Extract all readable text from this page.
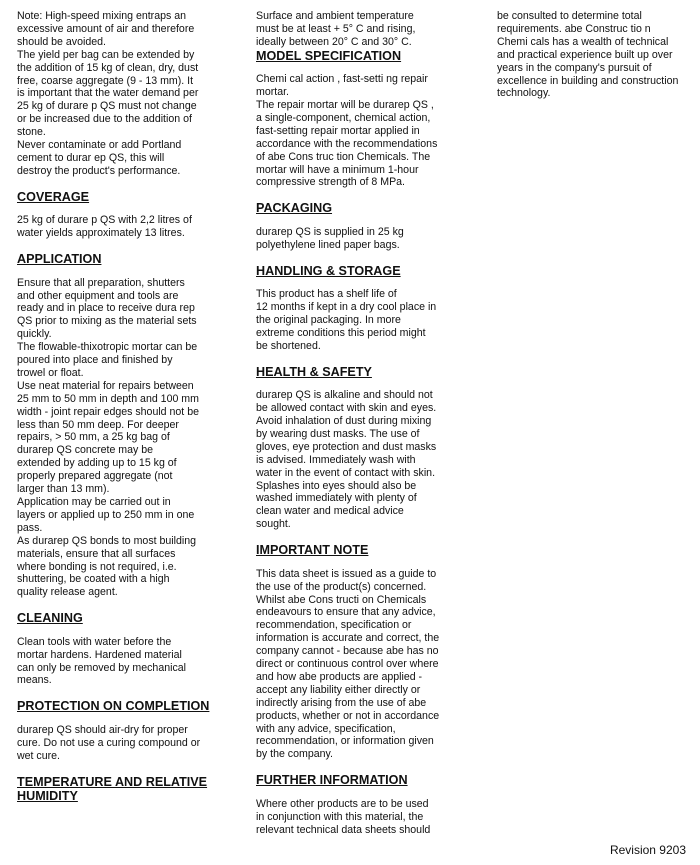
Note: High-speed mixing entraps an
excessive amount of air and therefore
should be avoided.
The yield per bag can be extended by
the addition of 15 kg of clean, dry, dust
free, coarse aggregate (9 - 13 mm). It
is important that the water demand per
25 kg of durare p QS must not change
or be increased due to the addition of
stone.
Never contaminate or add Portland
cement to durar ep QS, this will
destroy the product's performance.

COVERAGE

25 kg of durare p QS with 2,2 litres of
water yields approximately 13 litres.

APPLICATION

Ensure that all preparation, shutters
and other equipment and tools are
ready and in place to receive dura rep
QS prior to mixing as the material sets
quickly.
The flowable-thixotropic mortar can be
poured into place and finished by
trowel or float.
Use neat material for repairs between
25 mm to 50 mm in depth and 100 mm
width - joint repair edges should not be
less than 50 mm deep. For deeper
repairs, > 50 mm, a 25 kg bag of
durarep QS concrete may be
extended by adding up to 15 kg of
properly prepared aggregate (not
larger than 13 mm).
Application may be carried out in
layers or applied up to 250 mm in one
pass.
As durarep QS bonds to most building
materials, ensure that all surfaces
where bonding is not required, i.e.
shuttering, be coated with a high
quality release agent.

CLEANING

Clean tools with water before the
mortar hardens. Hardened material
can only be removed by mechanical
means.

PROTECTION ON COMPLETION

durarep QS should air-dry for proper
cure. Do not use a curing compound or
wet cure.

TEMPERATURE AND RELATIVE
HUMIDITY

Surface and ambient temperature
must be at least + 5° C and rising,
ideally between 20° C and 30° C.

MODEL SPECIFICATION

Chemi cal action , fast-setti ng repair
mortar.
The repair mortar will be durarep QS ,
a single-component, chemical action,
fast-setting repair mortar applied in
accordance with the recommendations
of abe Cons truc tion Chemicals. The
mortar will have a minimum 1-hour
compressive strength of 8 MPa.

PACKAGING

durarep QS is supplied in 25 kg
polyethylene lined paper bags.

HANDLING & STORAGE

This product has a shelf life of
12 months if kept in a dry cool place in
the original packaging. In more
extreme conditions this period might
be shortened.

HEALTH & SAFETY

durarep QS is alkaline and should not
be allowed contact with skin and eyes.
Avoid inhalation of dust during mixing
by wearing dust masks. The use of
gloves, eye protection and dust masks
is advised. Immediately wash with
water in the event of contact with skin.
Splashes into eyes should also be
washed immediately with plenty of
clean water and medical advice
sought.

IMPORTANT NOTE

This data sheet is issued as a guide to
the use of the product(s) concerned.
Whilst abe Cons tructi on Chemicals
endeavours to ensure that any advice,
recommendation, specification or
information is accurate and correct, the
company cannot - because abe has no
direct or continuous control over where
and how abe products are applied -
accept any liability either directly or
indirectly arising from the use of abe
products, whether or not in accordance
with any advice, specification,
recommendation, or information given
by the company.

FURTHER INFORMATION

Where other products are to be used
in conjunction with this material, the
relevant technical data sheets should

be consulted to determine total
requirements. abe Construc tio n
Chemi cals has a wealth of technical
and practical experience built up over
years in the company's pursuit of
excellence in building and construction
technology.

Revision 9203
